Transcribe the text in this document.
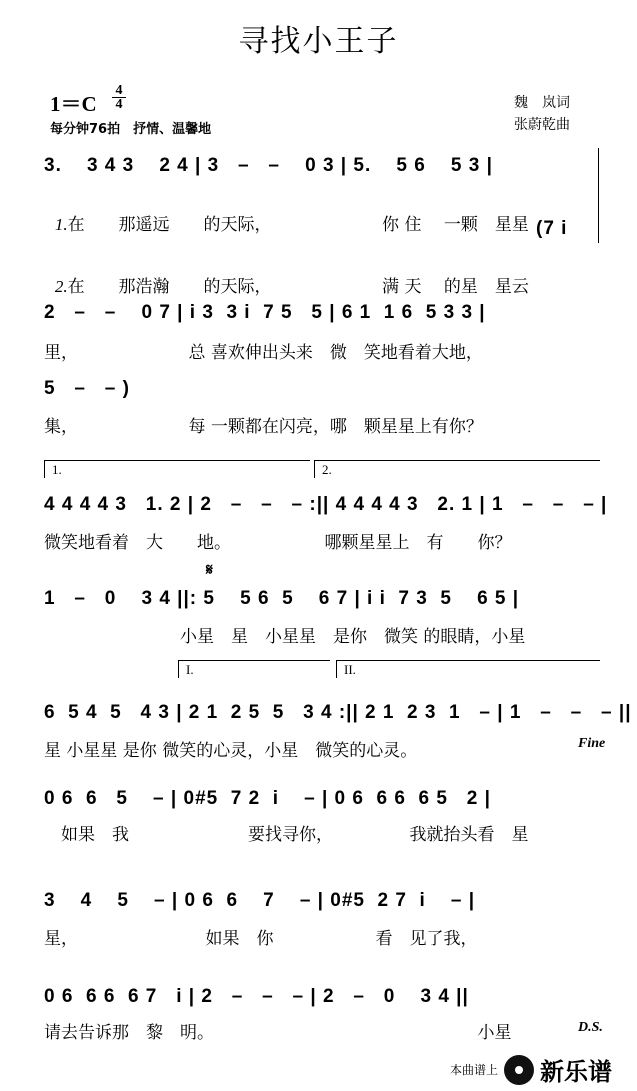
寻找小王子
1＝C
4
4
每分钟76拍　抒情、温馨地
魏　岚词
张蔚乾曲
3.    3 4 3    2 4 | 3   –   –    0 3 | 5.    5 6    5 3 |

1.在　　那遥远　　的天际，　　　　　　　你 住　 一颗　星星 (7 i

2.在　　那浩瀚　　的天际，　　　　　　　满 天　 的星　星云

2   –   –    0 7 | i 3  3 i  7 5   5 | 6 1  1 6  5 3 3 |
里，　　　　　　　总 喜欢伸出头来　微　笑地看着大地，
5   –   – )
集，　　　　　　　每 一颗都在闪亮，哪　颗星星上有你？
1.	2.
4 4 4 4 3   1. 2 | 2   –   –   – :|| 4 4 4 4 3   2. 1 | 1   –   –   – |
微笑地看着　大　　地。　　　　　　哪颗星星上　有　　你？
𝄋
1   –   0    3 4 ||: 5    5 6  5    6 7 | i i  7 3  5    6 5 |
　　　　　　　　小星　星　小星星　是你　微笑 的眼睛，小星
I.	II.
6  5 4  5   4 3 | 2 1  2 5  5   3 4 :|| 2 1  2 3  1   – | 1   –   –   – ||
星 小星星 是你 微笑的心灵，小星　微笑的心灵。	Fine
0 6  6   5    – | 0#5  7 2  i    – | 0 6  6 6  6 5   2 |
　如果　我　　　　　　　要找寻你，　　　　　我就抬头看　星
3    4    5    – | 0 6  6    7    – | 0#5  2 7  i    – |
星，　　　　　　　　如果　你　　　　　　看　见了我，
0 6  6 6  6 7   i | 2   –   –   – | 2   –   0    3 4 ||
请去告诉那　黎　明。　　　　　　　　　　　　　　　　小星	D.S.
本曲谱上 新乐谱
